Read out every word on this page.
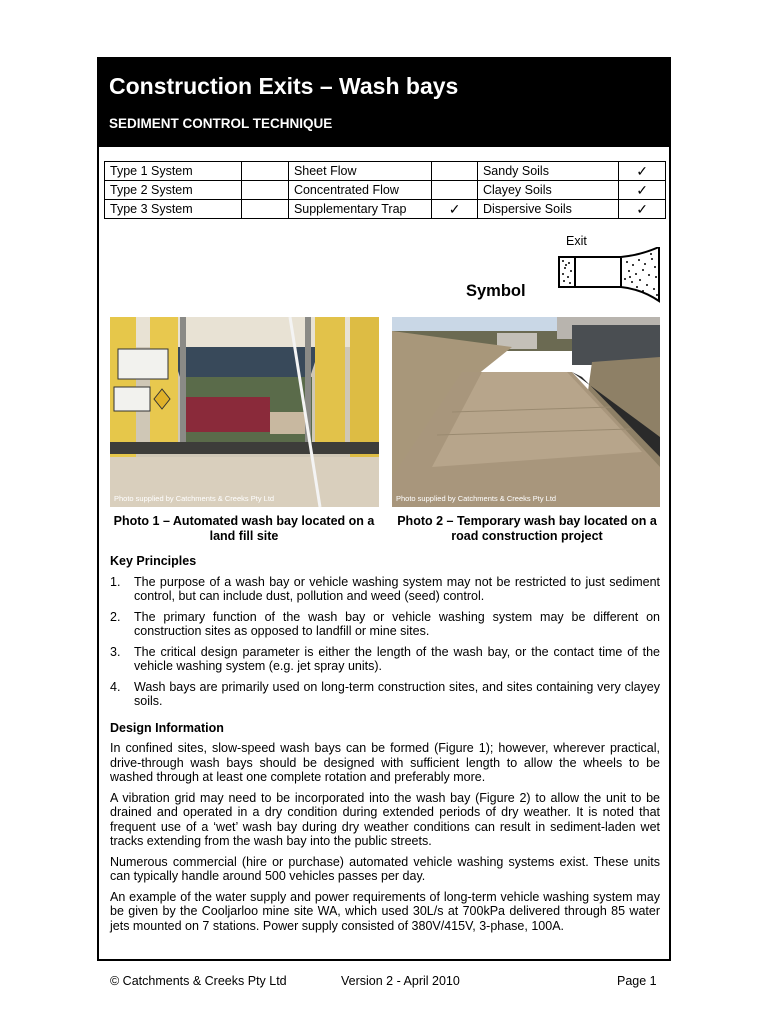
Construction Exits – Wash bays
SEDIMENT CONTROL TECHNIQUE
Type 1 System		Sheet Flow		Sandy Soils	✓
Type 2 System		Concentrated Flow		Clayey Soils	✓
Type 3 System		Supplementary Trap	✓	Dispersive Soils	✓
Exit
Symbol
Photo supplied by Catchments & Creeks Pty Ltd	Photo supplied by Catchments & Creeks Pty Ltd
Photo 1 – Automated wash bay located on a land fill site
Photo 2 – Temporary wash bay located on a road construction project
Key Principles
1. The purpose of a wash bay or vehicle washing system may not be restricted to just sediment control, but can include dust, pollution and weed (seed) control.
2. The primary function of the wash bay or vehicle washing system may be different on construction sites as opposed to landfill or mine sites.
3. The critical design parameter is either the length of the wash bay, or the contact time of the vehicle washing system (e.g. jet spray units).
4. Wash bays are primarily used on long-term construction sites, and sites containing very clayey soils.
Design Information

In confined sites, slow-speed wash bays can be formed (Figure 1); however, wherever practical, drive-through wash bays should be designed with sufficient length to allow the wheels to be washed through at least one complete rotation and preferably more.

A vibration grid may need to be incorporated into the wash bay (Figure 2) to allow the unit to be drained and operated in a dry condition during extended periods of dry weather. It is noted that frequent use of a ‘wet’ wash bay during dry weather conditions can result in sediment-laden wet tracks extending from the wash bay into the public streets.

Numerous commercial (hire or purchase) automated vehicle washing systems exist. These units can typically handle around 500 vehicles passes per day.

An example of the water supply and power requirements of long-term vehicle washing system may be given by the Cooljarloo mine site WA, which used 30L/s at 700kPa delivered through 85 water jets mounted on 7 stations. Power supply consisted of 380V/415V, 3-phase, 100A.

© Catchments & Creeks Pty Ltd	Version 2 - April 2010	Page 1
